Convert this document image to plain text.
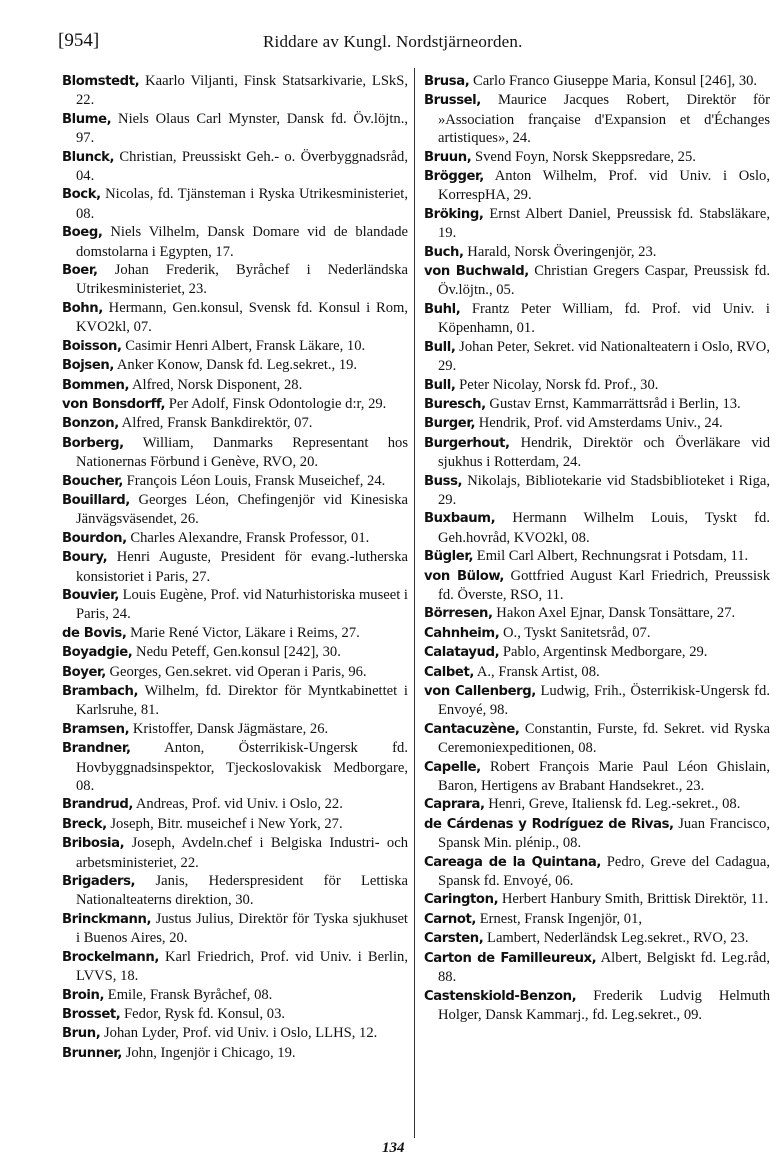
[954]	Riddare av Kungl. Nordstjärneorden.

Blomstedt, Kaarlo Viljanti, Finsk Statsarkivarie, LSkS, 22.

Blume, Niels Olaus Carl Mynster, Dansk fd. Öv.löjtn., 97.

Blunck, Christian, Preussiskt Geh.- o. Överbyggnadsråd, 04.

Bock, Nicolas, fd. Tjänsteman i Ryska Utrikesministeriet, 08.

Boeg, Niels Vilhelm, Dansk Domare vid de blandade domstolarna i Egypten, 17.

Boer, Johan Frederik, Byråchef i Nederländska Utrikesministeriet, 23.

Bohn, Hermann, Gen.konsul, Svensk fd. Konsul i Rom, KVO2kl, 07.

Boisson, Casimir Henri Albert, Fransk Läkare, 10.

Bojsen, Anker Konow, Dansk fd. Leg.sekret., 19.

Bommen, Alfred, Norsk Disponent, 28.

von Bonsdorff, Per Adolf, Finsk Odontologie d:r, 29.

Bonzon, Alfred, Fransk Bankdirektör, 07.

Borberg, William, Danmarks Representant hos Nationernas Förbund i Genève, RVO, 20.

Boucher, François Léon Louis, Fransk Museichef, 24.

Bouillard, Georges Léon, Chefingenjör vid Kinesiska Jänvägsväsendet, 26.

Bourdon, Charles Alexandre, Fransk Professor, 01.

Boury, Henri Auguste, President för evang.-lutherska konsistoriet i Paris, 27.

Bouvier, Louis Eugène, Prof. vid Naturhistoriska museet i Paris, 24.

de Bovis, Marie René Victor, Läkare i Reims, 27.

Boyadgie, Nedu Peteff, Gen.konsul [242], 30.

Boyer, Georges, Gen.sekret. vid Operan i Paris, 96.

Brambach, Wilhelm, fd. Direktor för Myntkabinettet i Karlsruhe, 81.

Bramsen, Kristoffer, Dansk Jägmästare, 26.

Brandner, Anton, Österrikisk-Ungersk fd. Hovbyggnadsinspektor, Tjeckoslovakisk Medborgare, 08.

Brandrud, Andreas, Prof. vid Univ. i Oslo, 22.

Breck, Joseph, Bitr. museichef i New York, 27.

Bribosia, Joseph, Avdeln.chef i Belgiska Industri- och arbetsministeriet, 22.

Brigaders, Janis, Hederspresident för Lettiska Nationalteaterns direktion, 30.

Brinckmann, Justus Julius, Direktör för Tyska sjukhuset i Buenos Aires, 20.

Brockelmann, Karl Friedrich, Prof. vid Univ. i Berlin, LVVS, 18.

Broin, Emile, Fransk Byråchef, 08.

Brosset, Fedor, Rysk fd. Konsul, 03.

Brun, Johan Lyder, Prof. vid Univ. i Oslo, LLHS, 12.

Brunner, John, Ingenjör i Chicago, 19.

Brusa, Carlo Franco Giuseppe Maria, Konsul [246], 30.

Brussel, Maurice Jacques Robert, Direktör för »Association française d'Expansion et d'Échanges artistiques», 24.

Bruun, Svend Foyn, Norsk Skeppsredare, 25.

Brögger, Anton Wilhelm, Prof. vid Univ. i Oslo, KorrespHA, 29.

Bröking, Ernst Albert Daniel, Preussisk fd. Stabsläkare, 19.

Buch, Harald, Norsk Överingenjör, 23.

von Buchwald, Christian Gregers Caspar, Preussisk fd. Öv.löjtn., 05.

Buhl, Frantz Peter William, fd. Prof. vid Univ. i Köpenhamn, 01.

Bull, Johan Peter, Sekret. vid Nationalteatern i Oslo, RVO, 29.

Bull, Peter Nicolay, Norsk fd. Prof., 30.

Buresch, Gustav Ernst, Kammarrättsråd i Berlin, 13.

Burger, Hendrik, Prof. vid Amsterdams Univ., 24.

Burgerhout, Hendrik, Direktör och Överläkare vid sjukhus i Rotterdam, 24.

Buss, Nikolajs, Bibliotekarie vid Stadsbiblioteket i Riga, 29.

Buxbaum, Hermann Wilhelm Louis, Tyskt fd. Geh.hovråd, KVO2kl, 08.

Bügler, Emil Carl Albert, Rechnungsrat i Potsdam, 11.

von Bülow, Gottfried August Karl Friedrich, Preussisk fd. Överste, RSO, 11.

Börresen, Hakon Axel Ejnar, Dansk Tonsättare, 27.

Cahnheim, O., Tyskt Sanitetsråd, 07.

Calatayud, Pablo, Argentinsk Medborgare, 29.

Calbet, A., Fransk Artist, 08.

von Callenberg, Ludwig, Frih., Österrikisk-Ungersk fd. Envoyé, 98.

Cantacuzène, Constantin, Furste, fd. Sekret. vid Ryska Ceremoniexpeditionen, 08.

Capelle, Robert François Marie Paul Léon Ghislain, Baron, Hertigens av Brabant Handsekret., 23.

Caprara, Henri, Greve, Italiensk fd. Leg.-sekret., 08.

de Cárdenas y Rodríguez de Rivas, Juan Francisco, Spansk Min. plénip., 08.

Careaga de la Quintana, Pedro, Greve del Cadagua, Spansk fd. Envoyé, 06.

Carington, Herbert Hanbury Smith, Brittisk Direktör, 11.

Carnot, Ernest, Fransk Ingenjör, 01,

Carsten, Lambert, Nederländsk Leg.sekret., RVO, 23.

Carton de Familleureux, Albert, Belgiskt fd. Leg.råd, 88.

Castenskiold-Benzon, Frederik Ludvig Helmuth Holger, Dansk Kammarj., fd. Leg.sekret., 09.

134
